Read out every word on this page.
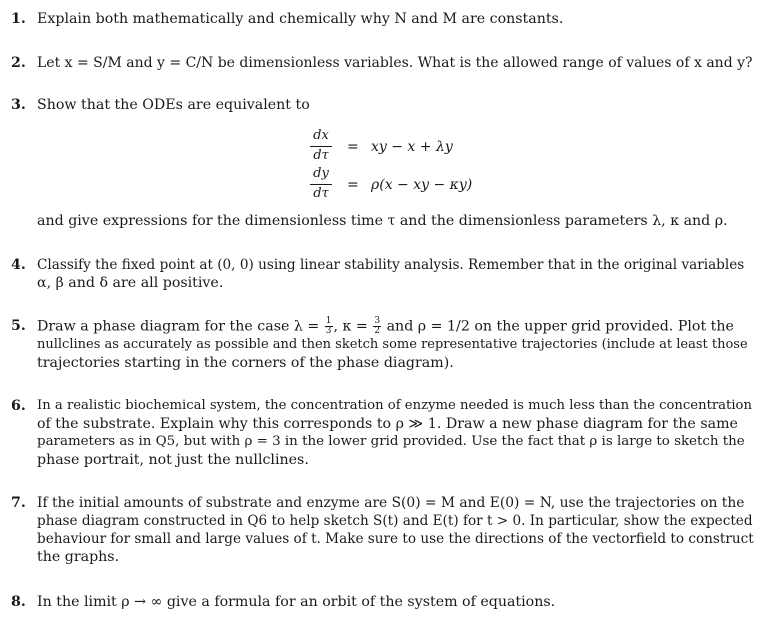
1. Explain both mathematically and chemically why N and M are constants.
2. Let x = S/M and y = C/N be dimensionless variables. What is the allowed range of values of x and y?
3. Show that the ODEs are equivalent to
dx
dτ
= xy − x + λy
dy
dτ
= ρ(x − xy − κy)
and give expressions for the dimensionless time τ and the dimensionless parameters λ, κ and ρ.
4. Classify the fixed point at (0, 0) using linear stability analysis. Remember that in the original variables
α, β and δ are all positive.
5. Draw a phase diagram for the case $\lambda = \frac{1}{3}$ , $\kappa = \frac{3}{2}$ and ρ = 1/2 on the upper grid provided. Plot the
nullclines as accurately as possible and then sketch some representative trajectories (include at least those
trajectories starting in the corners of the phase diagram).
6. In a realistic biochemical system, the concentration of enzyme needed is much less than the concentration
of the substrate. Explain why this corresponds to ρ ≫ 1. Draw a new phase diagram for the same
parameters as in Q5, but with ρ = 3 in the lower grid provided. Use the fact that ρ is large to sketch the
phase portrait, not just the nullclines.
7. If the initial amounts of substrate and enzyme are S(0) = M and E(0) = N, use the trajectories on the
phase diagram constructed in Q6 to help sketch S(t) and E(t) for t > 0. In particular, show the expected
behaviour for small and large values of t. Make sure to use the directions of the vectorfield to construct
the graphs.
8. In the limit ρ → ∞ give a formula for an orbit of the system of equations.
